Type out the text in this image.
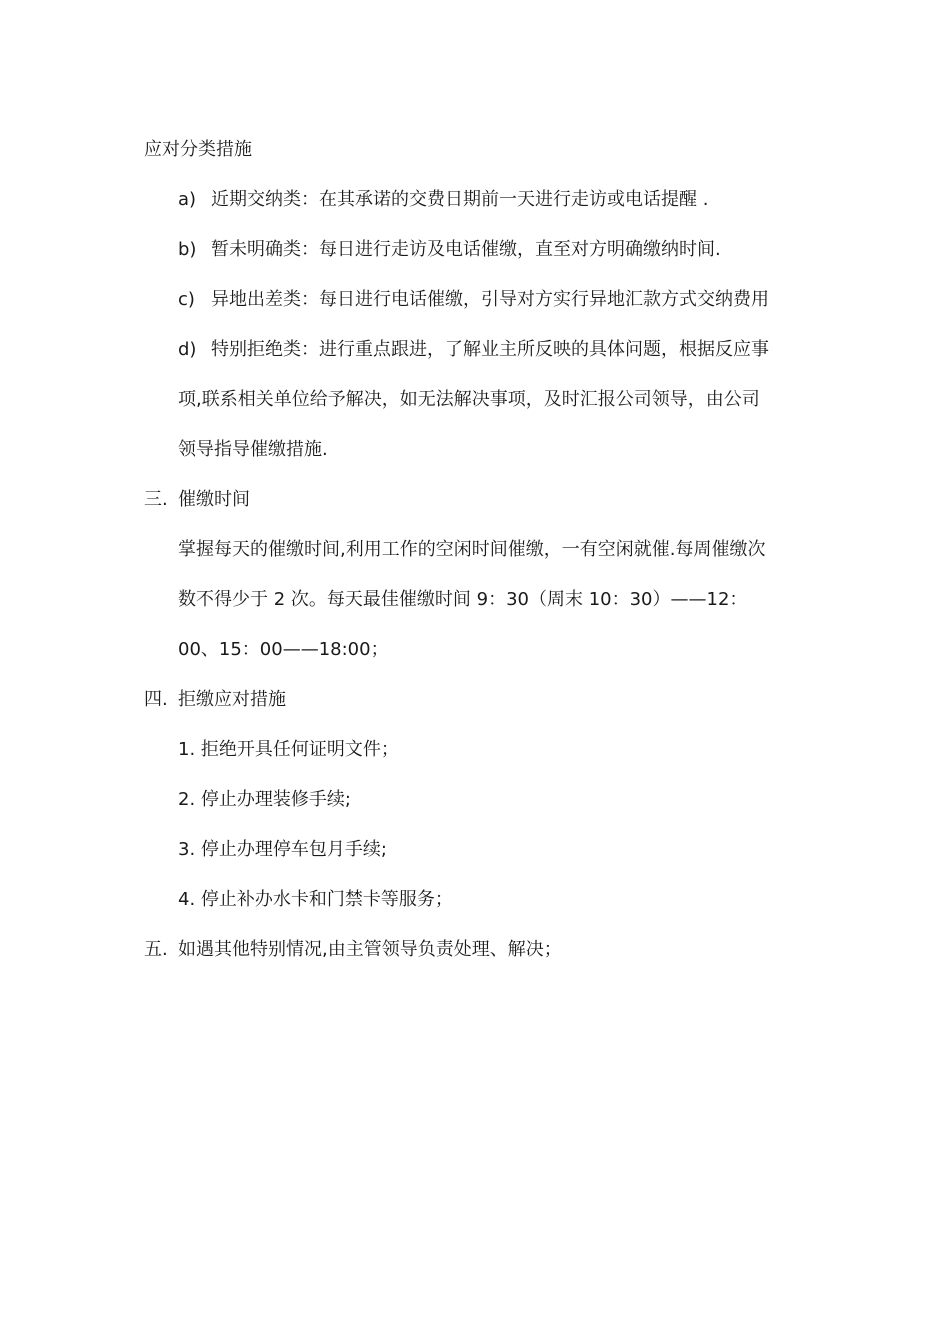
应对分类措施
a) 近期交纳类：在其承诺的交费日期前一天进行走访或电话提醒 .
b) 暂未明确类：每日进行走访及电话催缴，直至对方明确缴纳时间.
c) 异地出差类：每日进行电话催缴，引导对方实行异地汇款方式交纳费用
d) 特别拒绝类：进行重点跟进，了解业主所反映的具体问题，根据反应事
项,联系相关单位给予解决，如无法解决事项，及时汇报公司领导，由公司
领导指导催缴措施.
三. 催缴时间
掌握每天的催缴时间,利用工作的空闲时间催缴，一有空闲就催.每周催缴次
数不得少于 2 次。每天最佳催缴时间 9：30（周末 10：30）——12：
00、15：00——18:00；
四. 拒缴应对措施
1. 拒绝开具任何证明文件；
2. 停止办理装修手续;
3. 停止办理停车包月手续;
4. 停止补办水卡和门禁卡等服务；
五. 如遇其他特别情况,由主管领导负责处理、解决；
